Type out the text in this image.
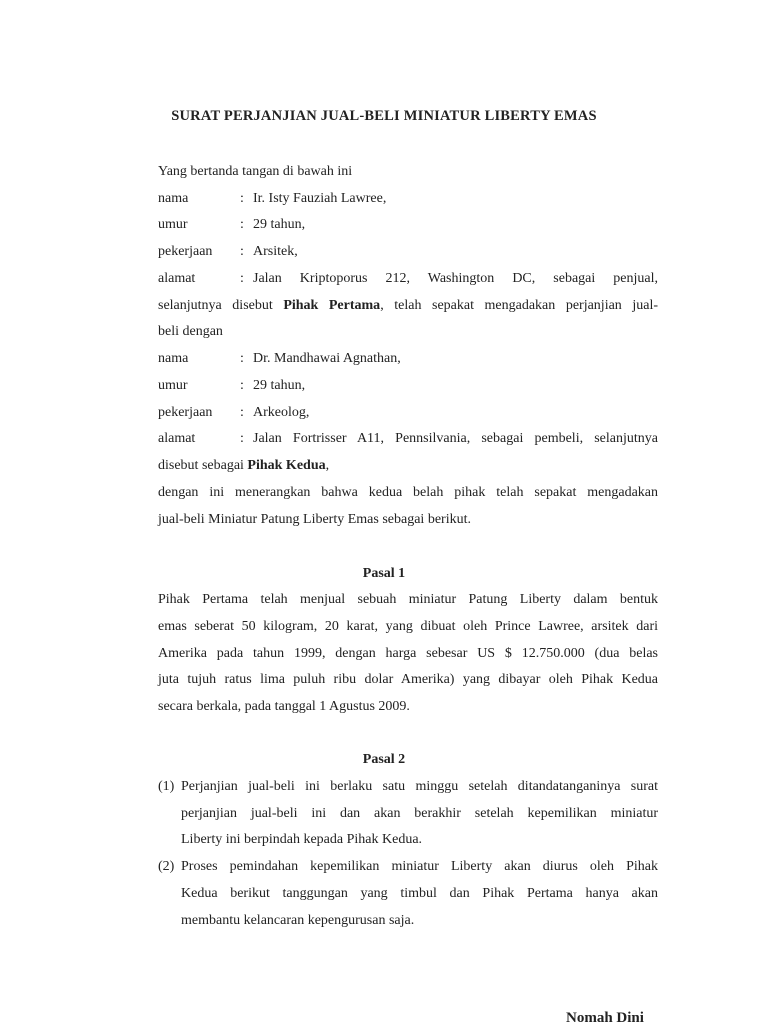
SURAT PERJANJIAN JUAL-BELI MINIATUR LIBERTY EMAS
Yang bertanda tangan di bawah ini
nama	: Ir. Isty Fauziah Lawree,
umur	: 29 tahun,
pekerjaan : Arsitek,
alamat	: Jalan Kriptoporus 212, Washington DC, sebagai penjual,
selanjutnya disebut Pihak Pertama, telah sepakat mengadakan perjanjian jual-
beli dengan
nama	: Dr. Mandhawai Agnathan,
umur	: 29 tahun,
pekerjaan : Arkeolog,
alamat	: Jalan Fortrisser A11, Pennsilvania, sebagai pembeli, selanjutnya
disebut sebagai Pihak Kedua,
dengan ini menerangkan bahwa kedua belah pihak telah sepakat mengadakan
jual-beli Miniatur Patung Liberty Emas sebagai berikut.
Pasal 1
Pihak Pertama telah menjual sebuah miniatur Patung Liberty dalam bentuk
emas seberat 50 kilogram, 20 karat, yang dibuat oleh Prince Lawree, arsitek dari
Amerika pada tahun 1999, dengan harga sebesar US $ 12.750.000 (dua belas
juta tujuh ratus lima puluh ribu dolar Amerika) yang dibayar oleh Pihak Kedua
secara berkala, pada tanggal 1 Agustus 2009.
Pasal 2
(1) Perjanjian jual-beli ini berlaku satu minggu setelah ditandatanganinya surat
perjanjian jual-beli ini dan akan berakhir setelah kepemilikan miniatur
Liberty ini berpindah kepada Pihak Kedua.
(2) Proses pemindahan kepemilikan miniatur Liberty akan diurus oleh Pihak
Kedua berikut tanggungan yang timbul dan Pihak Pertama hanya akan
membantu kelancaran kepengurusan saja.
Nomah Dini
